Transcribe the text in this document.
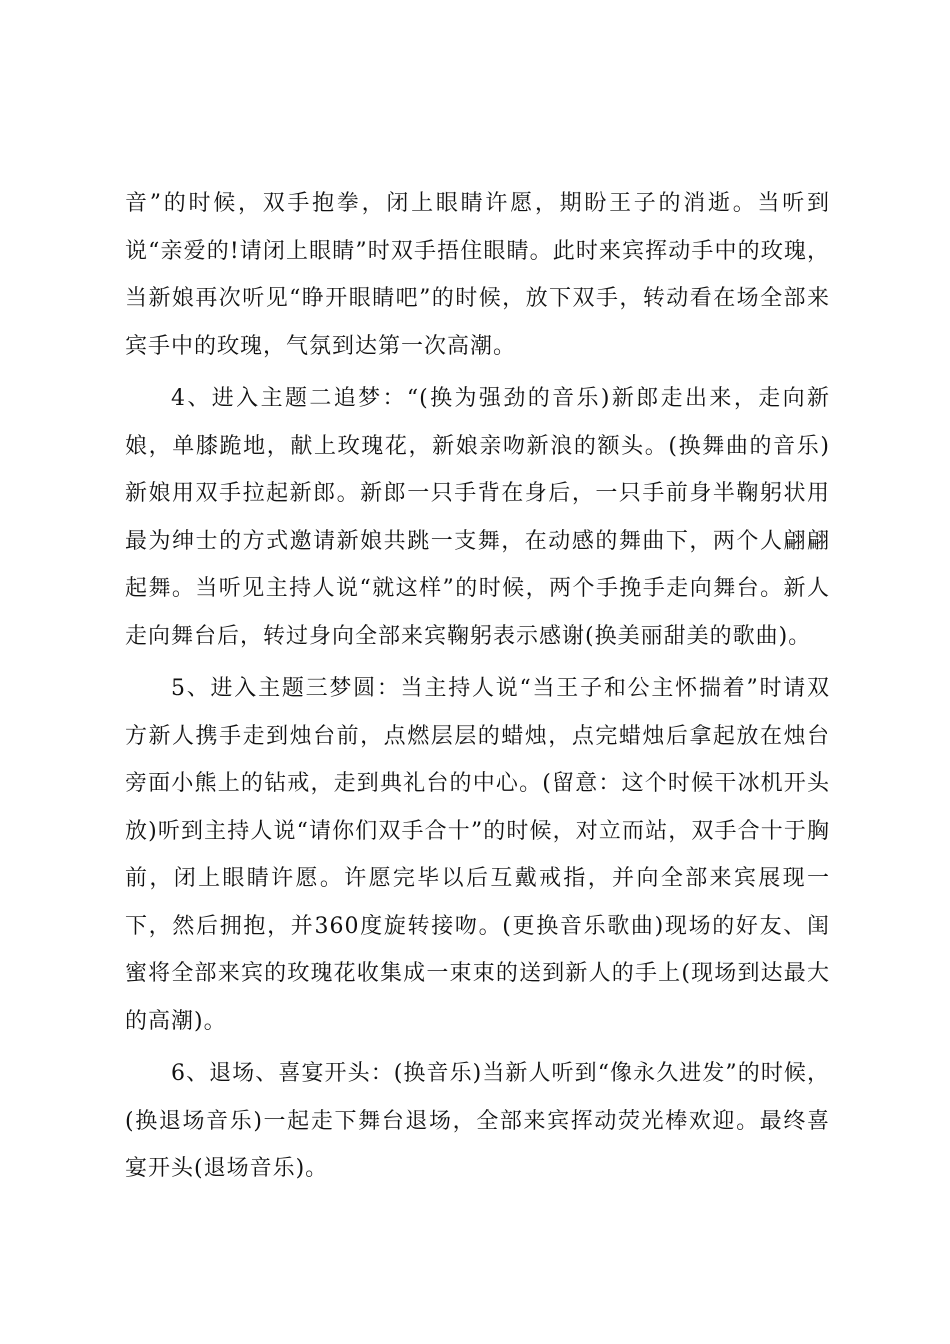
音”的时候，双手抱拳，闭上眼睛许愿，期盼王子的消逝。当听到说“亲爱的!请闭上眼睛”时双手捂住眼睛。此时来宾挥动手中的玫瑰，当新娘再次听见“睁开眼睛吧”的时候，放下双手，转动看在场全部来宾手中的玫瑰，气氛到达第一次高潮。

4、进入主题二追梦：“(换为强劲的音乐)新郎走出来，走向新娘，单膝跪地，献上玫瑰花，新娘亲吻新浪的额头。(换舞曲的音乐)新娘用双手拉起新郎。新郎一只手背在身后，一只手前身半鞠躬状用最为绅士的方式邀请新娘共跳一支舞，在动感的舞曲下，两个人翩翩起舞。当听见主持人说“就这样”的时候，两个手挽手走向舞台。新人走向舞台后，转过身向全部来宾鞠躬表示感谢(换美丽甜美的歌曲)。

5、进入主题三梦圆：当主持人说“当王子和公主怀揣着”时请双方新人携手走到烛台前，点燃层层的蜡烛，点完蜡烛后拿起放在烛台旁面小熊上的钻戒，走到典礼台的中心。(留意：这个时候干冰机开头放)听到主持人说“请你们双手合十”的时候，对立而站，双手合十于胸前，闭上眼睛许愿。许愿完毕以后互戴戒指，并向全部来宾展现一下，然后拥抱，并360度旋转接吻。(更换音乐歌曲)现场的好友、闺蜜将全部来宾的玫瑰花收集成一束束的送到新人的手上(现场到达最大的高潮)。

6、退场、喜宴开头：(换音乐)当新人听到“像永久进发”的时候，(换退场音乐)一起走下舞台退场，全部来宾挥动荧光棒欢迎。最终喜宴开头(退场音乐)。
